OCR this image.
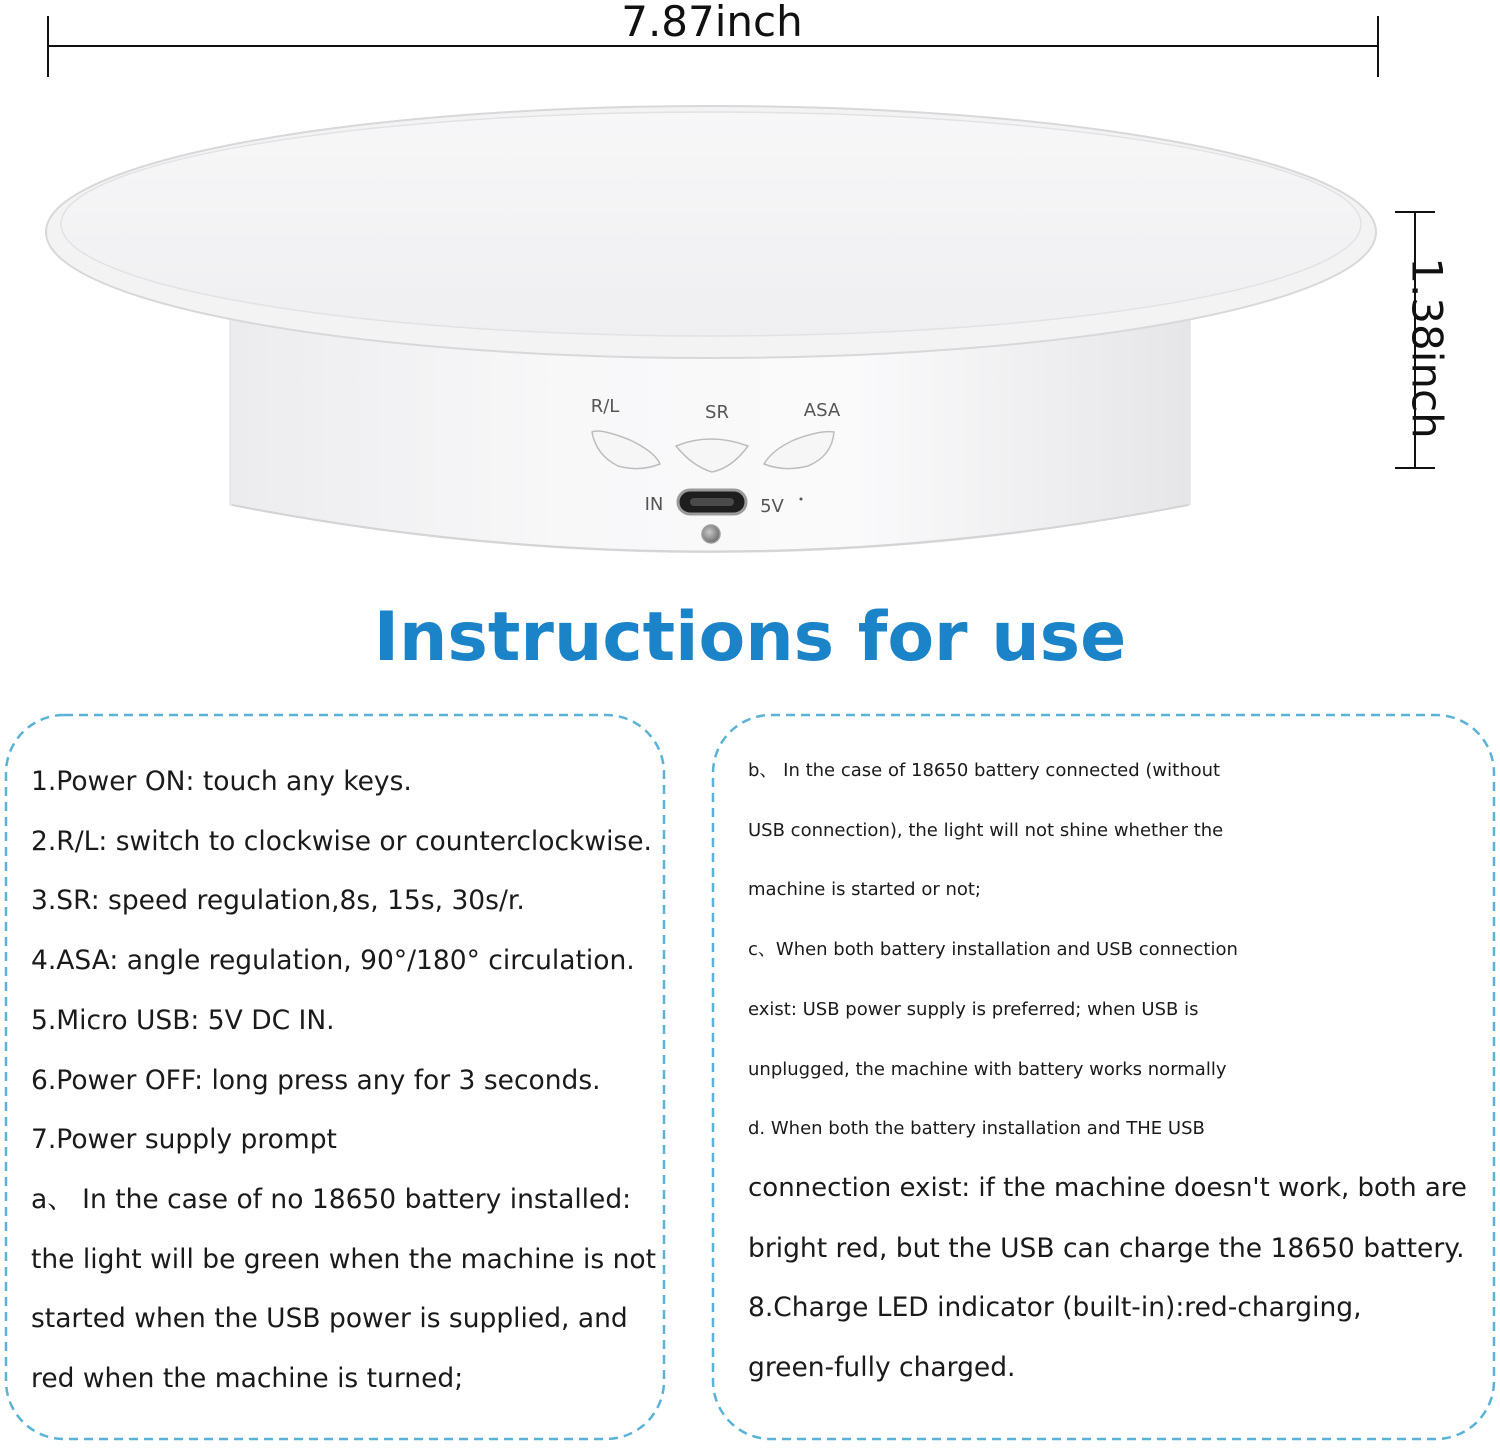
7.87inch
1.38inch
R/L	SR	ASA
IN	5V
Instructions for use
1.Power ON: touch any keys.
2.R/L: switch to clockwise or counterclockwise.
3.SR: speed regulation,8s, 15s, 30s/r.
4.ASA: angle regulation, 90°/180° circulation.
5.Micro USB: 5V DC IN.
6.Power OFF: long press any for 3 seconds.
7.Power supply prompt
a、 In the case of no 18650 battery installed:
the light will be green when the machine is not
started when the USB power is supplied, and
red when the machine is turned;
b、 In the case of 18650 battery connected (without
USB connection), the light will not shine whether the
machine is started or not;
c、When both battery installation and USB connection
exist: USB power supply is preferred; when USB is
unplugged, the machine with battery works normally
d. When both the battery installation and THE USB
connection exist: if the machine doesn't work, both are
bright red, but the USB can charge the 18650 battery.
8.Charge LED indicator (built-in):red-charging,
green-fully charged.
